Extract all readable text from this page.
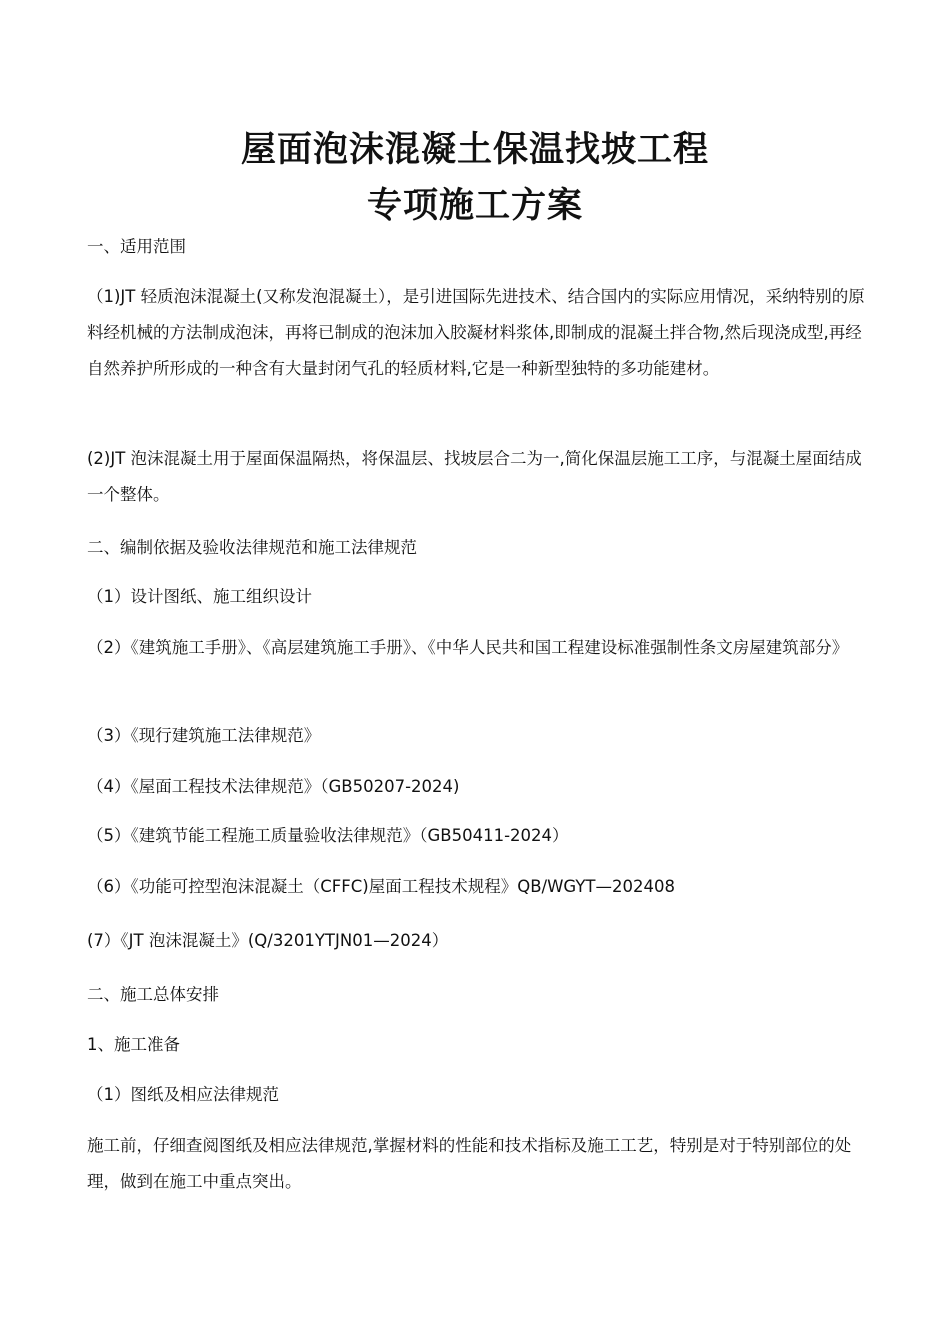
屋面泡沫混凝土保温找坡工程
专项施工方案

一、适用范围

（1)JT 轻质泡沫混凝土(又称发泡混凝土），是引进国际先进技术、结合国内的实际应用情况，采纳特别的原料经机械的方法制成泡沫，再将已制成的泡沫加入胶凝材料浆体,即制成的混凝土拌合物,然后现浇成型,再经自然养护所形成的一种含有大量封闭气孔的轻质材料,它是一种新型独特的多功能建材。

(2)JT 泡沫混凝土用于屋面保温隔热，将保温层、找坡层合二为一,简化保温层施工工序，与混凝土屋面结成一个整体。

二、编制依据及验收法律规范和施工法律规范

（1）设计图纸、施工组织设计

（2）《建筑施工手册》、《高层建筑施工手册》、《中华人民共和国工程建设标准强制性条文房屋建筑部分》

（3）《现行建筑施工法律规范》

（4）《屋面工程技术法律规范》（GB50207-2024)

（5）《建筑节能工程施工质量验收法律规范》（GB50411-2024）

（6）《功能可控型泡沫混凝土（CFFC)屋面工程技术规程》QB/WGYT—202408

(7）《JT 泡沫混凝土》(Q/3201YTJN01—2024）

二、施工总体安排

1、施工准备

（1）图纸及相应法律规范

施工前，仔细查阅图纸及相应法律规范,掌握材料的性能和技术指标及施工工艺，特别是对于特别部位的处理，做到在施工中重点突出。
